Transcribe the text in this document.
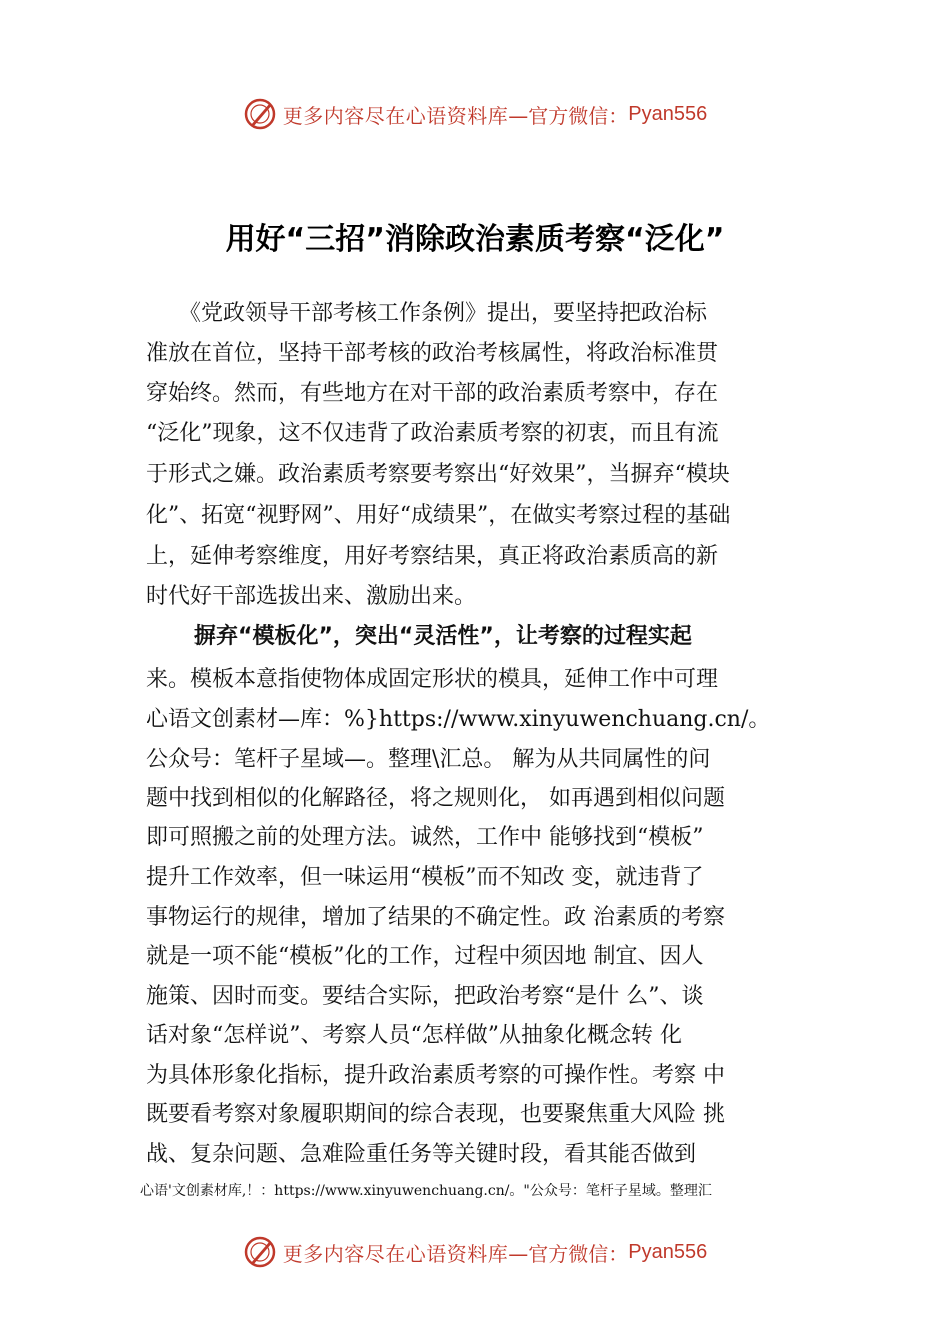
更多内容尽在心语资料库 —官方微信： Pyan556
用好“三招”消除政治素质考察“泛化”
　　《党政领导干部考核工作条例》提出，要坚持把政治标
准放在首位，坚持干部考核的政治考核属性，将政治标准贯
穿始终。然而，有些地方在对干部的政治素质考察中，存在
“泛化”现象，这不仅违背了政治素质考察的初衷，而且有流
于形式之嫌。政治素质考察要考察出“好效果”，当摒弃“模块
化”、拓宽“视野网”、用好“成绩果”，在做实考察过程的基础
上，延伸考察维度，用好考察结果，真正将政治素质高的新
时代好干部选拔出来、激励出来。
摒弃“模板化”，突出“灵活性”，让考察的过程实起
来。模板本意指使物体成固定形状的模具，延伸工作中可理
心语文创素材—库：%}https://www.xinyuwenchuang.cn/。
公众号：笔杆子星域—。整理\汇总。 解为从共同属性的问
题中找到相似的化解路径，将之规则化， 如再遇到相似问题
即可照搬之前的处理方法。诚然，工作中 能够找到“模板”
提升工作效率，但一味运用“模板”而不知改 变，就违背了
事物运行的规律，增加了结果的不确定性。政 治素质的考察
就是一项不能“模板”化的工作，过程中须因地 制宜、因人
施策、因时而变。要结合实际，把政治考察“是什 么”、谈
话对象“怎样说”、考察人员“怎样做”从抽象化概念转 化
为具体形象化指标，提升政治素质考察的可操作性。考察 中
既要看考察对象履职期间的综合表现，也要聚焦重大风险 挑
战、复杂问题、急难险重任务等关键时段，看其能否做到
心语'文创素材库,！：https://www.xinyuwenchuang.cn/。"公众号：笔杆子星域。整理汇
更多内容尽在心语资料库 —官方微信： Pyan556
